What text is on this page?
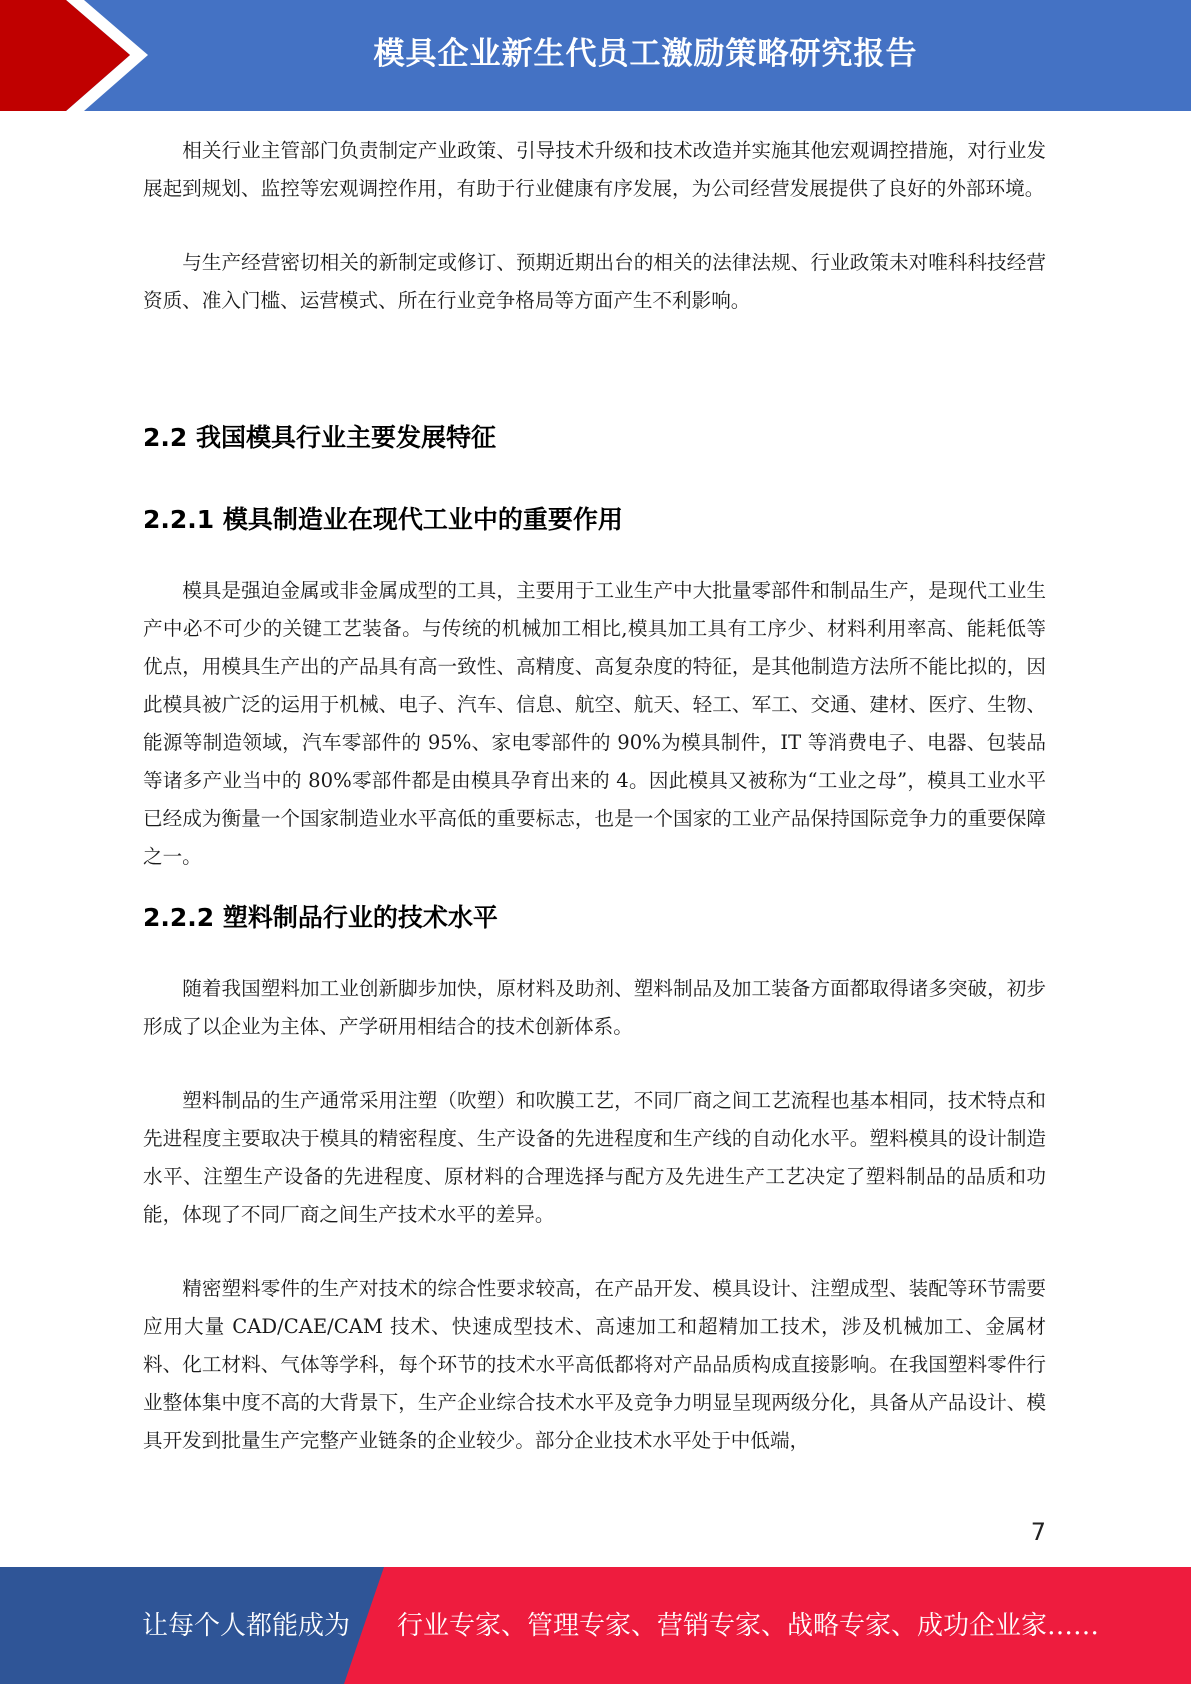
模具企业新生代员工激励策略研究报告

相关行业主管部门负责制定产业政策、引导技术升级和技术改造并实施其他宏观调控措施，对行业发展起到规划、监控等宏观调控作用，有助于行业健康有序发展，为公司经营发展提供了良好的外部环境。

与生产经营密切相关的新制定或修订、预期近期出台的相关的法律法规、行业政策未对唯科科技经营资质、准入门槛、运营模式、所在行业竞争格局等方面产生不利影响。

2.2 我国模具行业主要发展特征
2.2.1 模具制造业在现代工业中的重要作用

模具是强迫金属或非金属成型的工具，主要用于工业生产中大批量零部件和制品生产，是现代工业生产中必不可少的关键工艺装备。与传统的机械加工相比,模具加工具有工序少、材料利用率高、能耗低等优点，用模具生产出的产品具有高一致性、高精度、高复杂度的特征，是其他制造方法所不能比拟的，因此模具被广泛的运用于机械、电子、汽车、信息、航空、航天、轻工、军工、交通、建材、医疗、生物、能源等制造领域，汽车零部件的 95%、家电零部件的 90%为模具制件，IT 等消费电子、电器、包装品等诸多产业当中的 80%零部件都是由模具孕育出来的 4。因此模具又被称为“工业之母”，模具工业水平已经成为衡量一个国家制造业水平高低的重要标志，也是一个国家的工业产品保持国际竞争力的重要保障之一。

2.2.2 塑料制品行业的技术水平

随着我国塑料加工业创新脚步加快，原材料及助剂、塑料制品及加工装备方面都取得诸多突破，初步形成了以企业为主体、产学研用相结合的技术创新体系。

塑料制品的生产通常采用注塑（吹塑）和吹膜工艺，不同厂商之间工艺流程也基本相同，技术特点和先进程度主要取决于模具的精密程度、生产设备的先进程度和生产线的自动化水平。塑料模具的设计制造水平、注塑生产设备的先进程度、原材料的合理选择与配方及先进生产工艺决定了塑料制品的品质和功能，体现了不同厂商之间生产技术水平的差异。

精密塑料零件的生产对技术的综合性要求较高，在产品开发、模具设计、注塑成型、装配等环节需要应用大量 CAD/CAE/CAM 技术、快速成型技术、高速加工和超精加工技术，涉及机械加工、金属材料、化工材料、气体等学科，每个环节的技术水平高低都将对产品品质构成直接影响。在我国塑料零件行业整体集中度不高的大背景下，生产企业综合技术水平及竞争力明显呈现两级分化，具备从产品设计、模具开发到批量生产完整产业链条的企业较少。部分企业技术水平处于中低端，

7
让每个人都能成为 行业专家、管理专家、营销专家、战略专家、成功企业家……
